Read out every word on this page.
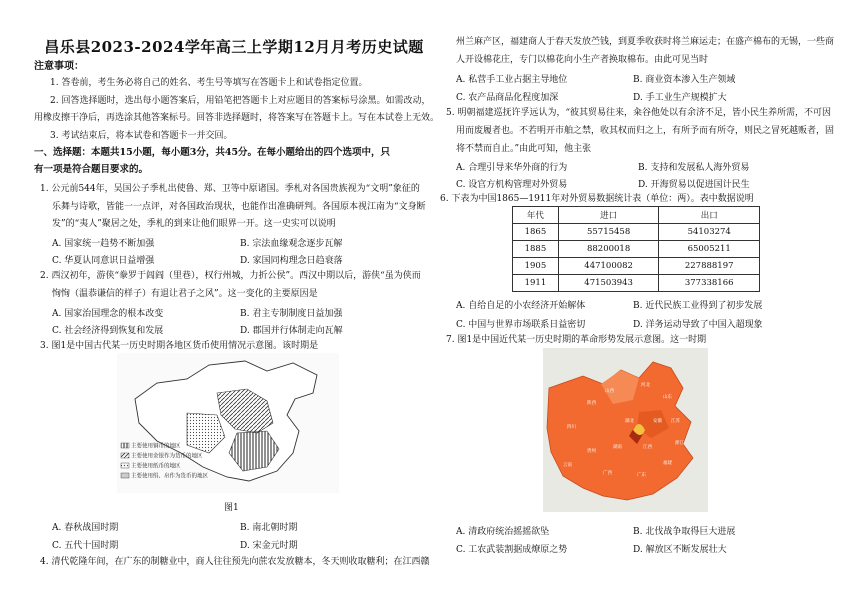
昌乐县2023-2024学年高三上学期12月月考历史试题
注意事项：
1. 答卷前，考生务必将自己的姓名、考生号等填写在答题卡上和试卷指定位置。
2. 回答选择题时，选出每小题答案后，用铅笔把答题卡上对应题目的答案标号涂黑。如需改动，
用橡皮擦干净后，再选涂其他答案标号。回答非选择题时，将答案写在答题卡上。写在本试卷上无效。
3. 考试结束后，将本试卷和答题卡一并交回。
一、选择题：本题共15小题，每小题3分，共45分。在每小题给出的四个选项中，只
有一项是符合题目要求的。
1. 公元前544年，吴国公子季札出使鲁、郑、卫等中原诸国。季札对各国贵族视为“文明”象征的
乐舞与诗歌，皆能一一点评，对各国政治现状，也能作出准确研判。各国原本视江南为“文身断
发”的“夷人”聚居之处，季札的到来让他们眼界一开。这一史实可以说明
A. 国家统一趋势不断加强	B. 宗法血缘观念逐步瓦解
C. 华夏认同意识日益增强	D. 家国同构理念日趋衰落
2. 西汉初年，游侠“豢罗于闾阎（里巷），权行州城，力折公侯”。西汉中期以后，游侠“虽为侠而
恂恂（温恭谦信的样子）有退让君子之风”。这一变化的主要原因是
A. 国家治国理念的根本改变	B. 君主专制制度日益加强
C. 社会经济得到恢复和发展	D. 郡国并行体制走向瓦解
3. 图1是中国古代某一历史时期各地区货币使用情况示意图。该时期是
主要使用铜币的地区
主要使用金银作为货币的地区
主要使用纸币的地区
主要使用绢、帛作为货币的地区
图1
A. 春秋战国时期	B. 南北朝时期
C. 五代十国时期	D. 宋金元时期
4. 清代乾隆年间，在广东的制糖业中，商人往往预先向蔗农发放糖本，冬天则收取糖利；在江西赣
州兰麻产区，福建商人于春天发放苎钱，到夏季收获时将兰麻运走；在盛产棉布的无锡，一些商
人开设棉花庄，专门以棉花向小生产者换取棉布。由此可见当时
A. 私营手工业占据主导地位	B. 商业资本渗入生产领域
C. 农产品商品化程度加深	D. 手工业生产规模扩大
5. 明朝福建巡抚许孚远认为，“彼其贸易往来，籴谷他处以有余济不足，皆小民生养所需，不可因
用而废履者也。不若明开市舶之禁，收其权而归之上，有所予而有所夺，则民之冒死越贩者，固
将不禁而自止。”由此可知，他主张
A. 合理引导来华外商的行为	B. 支持和发展私人海外贸易
C. 设官方机构管理对外贸易	D. 开海贸易以促进国计民生
6. 下表为中国1865—1911年对外贸易数据统计表（单位：两）。表中数据说明
年代	进口	出口
1865	55715458	54103274
1885	88200018	65005211
1905	447100082	227888197
1911	471503943	377338166
A. 自给自足的小农经济开始解体	B. 近代民族工业得到了初步发展
C. 中国与世界市场联系日益密切	D. 洋务运动导致了中国入超现象
7. 图1是中国近代某一历史时期的革命形势发展示意图。这一时期
山西
河北
山东
江苏
浙江
安徽
湖北
湖南	江西
福建
广东
广西
贵州
云南
四川
陕西
A. 清政府统治摇摇欲坠	B. 北伐战争取得巨大进展
C. 工农武装割据成燎原之势	D. 解放区不断发展壮大
